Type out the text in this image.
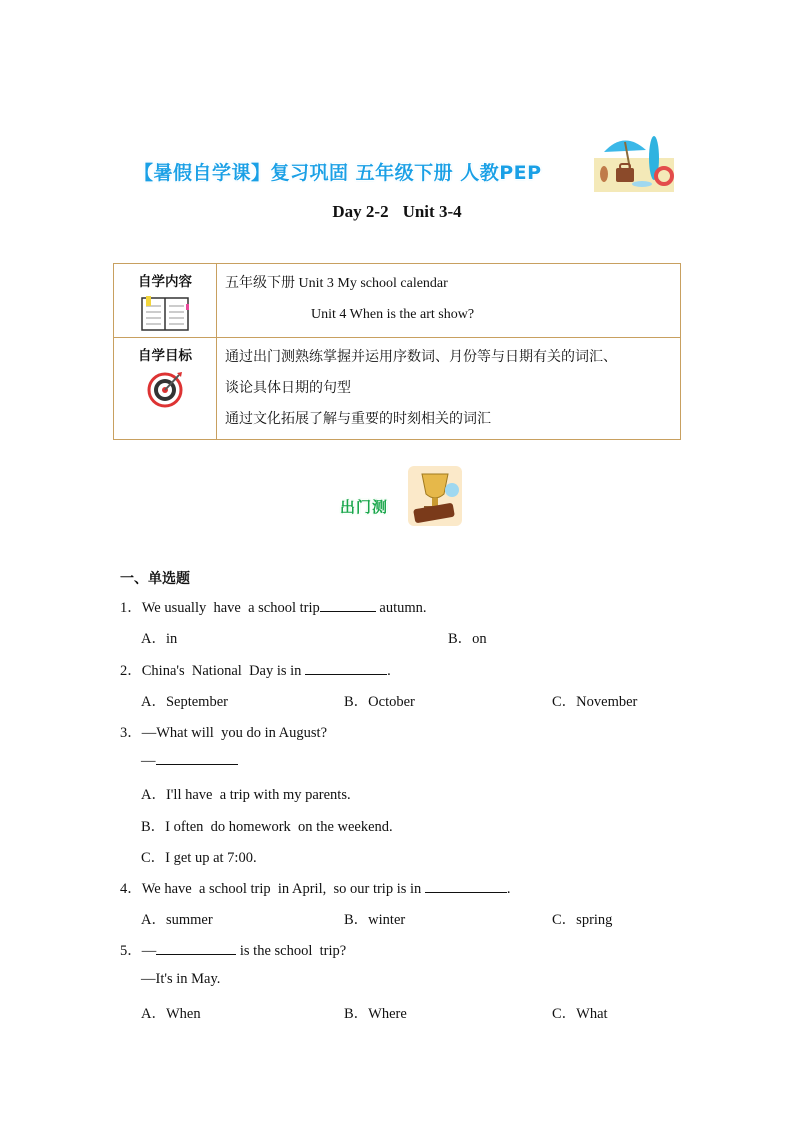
【暑假自学课】复习巩固 五年级下册 人教PEP
Day 2-2 Unit 3-4
自学内容	五年级下册 Unit 3 My school calendar
Unit 4 When is the art show?

自学目标	通过出门测熟练掌握并运用序数词、月份等与日期有关的词汇、
谈论具体日期的句型
通过文化拓展了解与重要的时刻相关的词汇
出门测
一、单选题
1．We usually  have  a school trip	autumn.
A．in	B．on
2．China's  National  Day is in	.
A．September	B．October	C．November
3．—What will  you do in August?
—
A．I'll have  a trip with my parents.
B．I often  do homework  on the weekend.
C．I get up at 7:00.
4．We have  a school trip  in April,  so our trip is in	.
A．summer	B．winter	C．spring
5．—	is the school  trip?
—It's in May.
A．When	B．Where	C．What
